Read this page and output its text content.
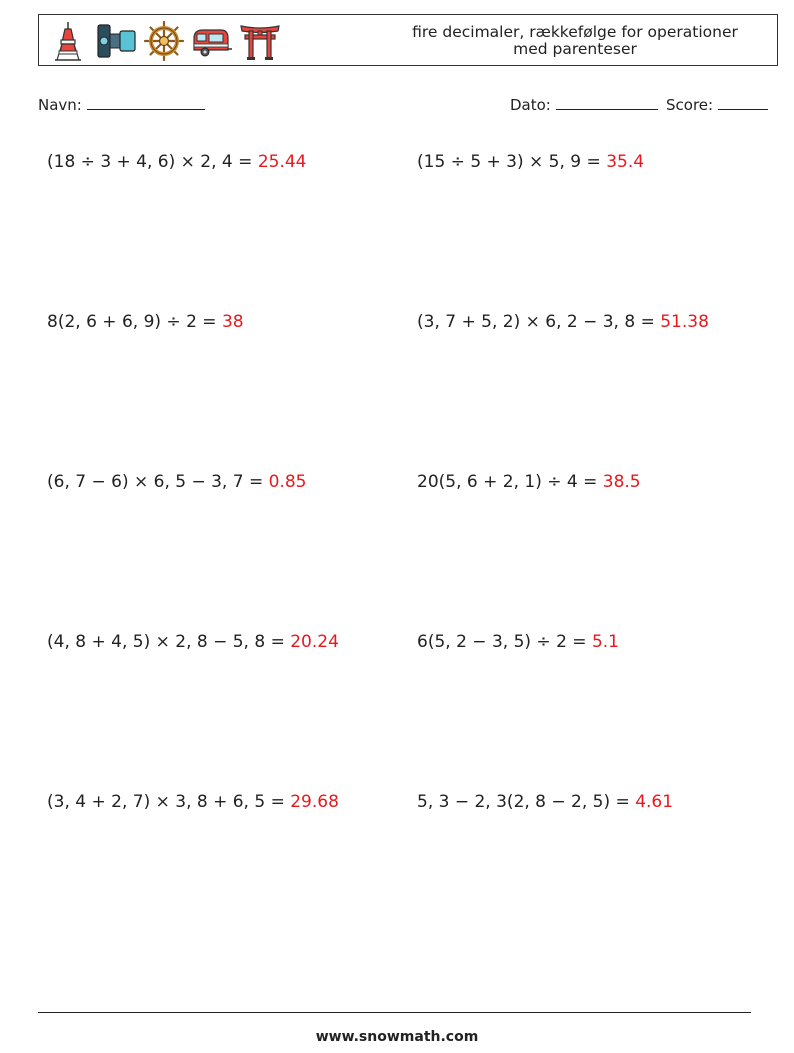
fire decimaler, rækkefølge for operationer med parenteser
Navn:	Dato:	Score:
(18 ÷ 3 + 4, 6) × 2, 4 = 25.44	(15 ÷ 5 + 3) × 5, 9 = 35.4
8(2, 6 + 6, 9) ÷ 2 = 38	(3, 7 + 5, 2) × 6, 2 − 3, 8 = 51.38
(6, 7 − 6) × 6, 5 − 3, 7 = 0.85	20(5, 6 + 2, 1) ÷ 4 = 38.5
(4, 8 + 4, 5) × 2, 8 − 5, 8 = 20.24	6(5, 2 − 3, 5) ÷ 2 = 5.1
(3, 4 + 2, 7) × 3, 8 + 6, 5 = 29.68	5, 3 − 2, 3(2, 8 − 2, 5) = 4.61
www.snowmath.com
